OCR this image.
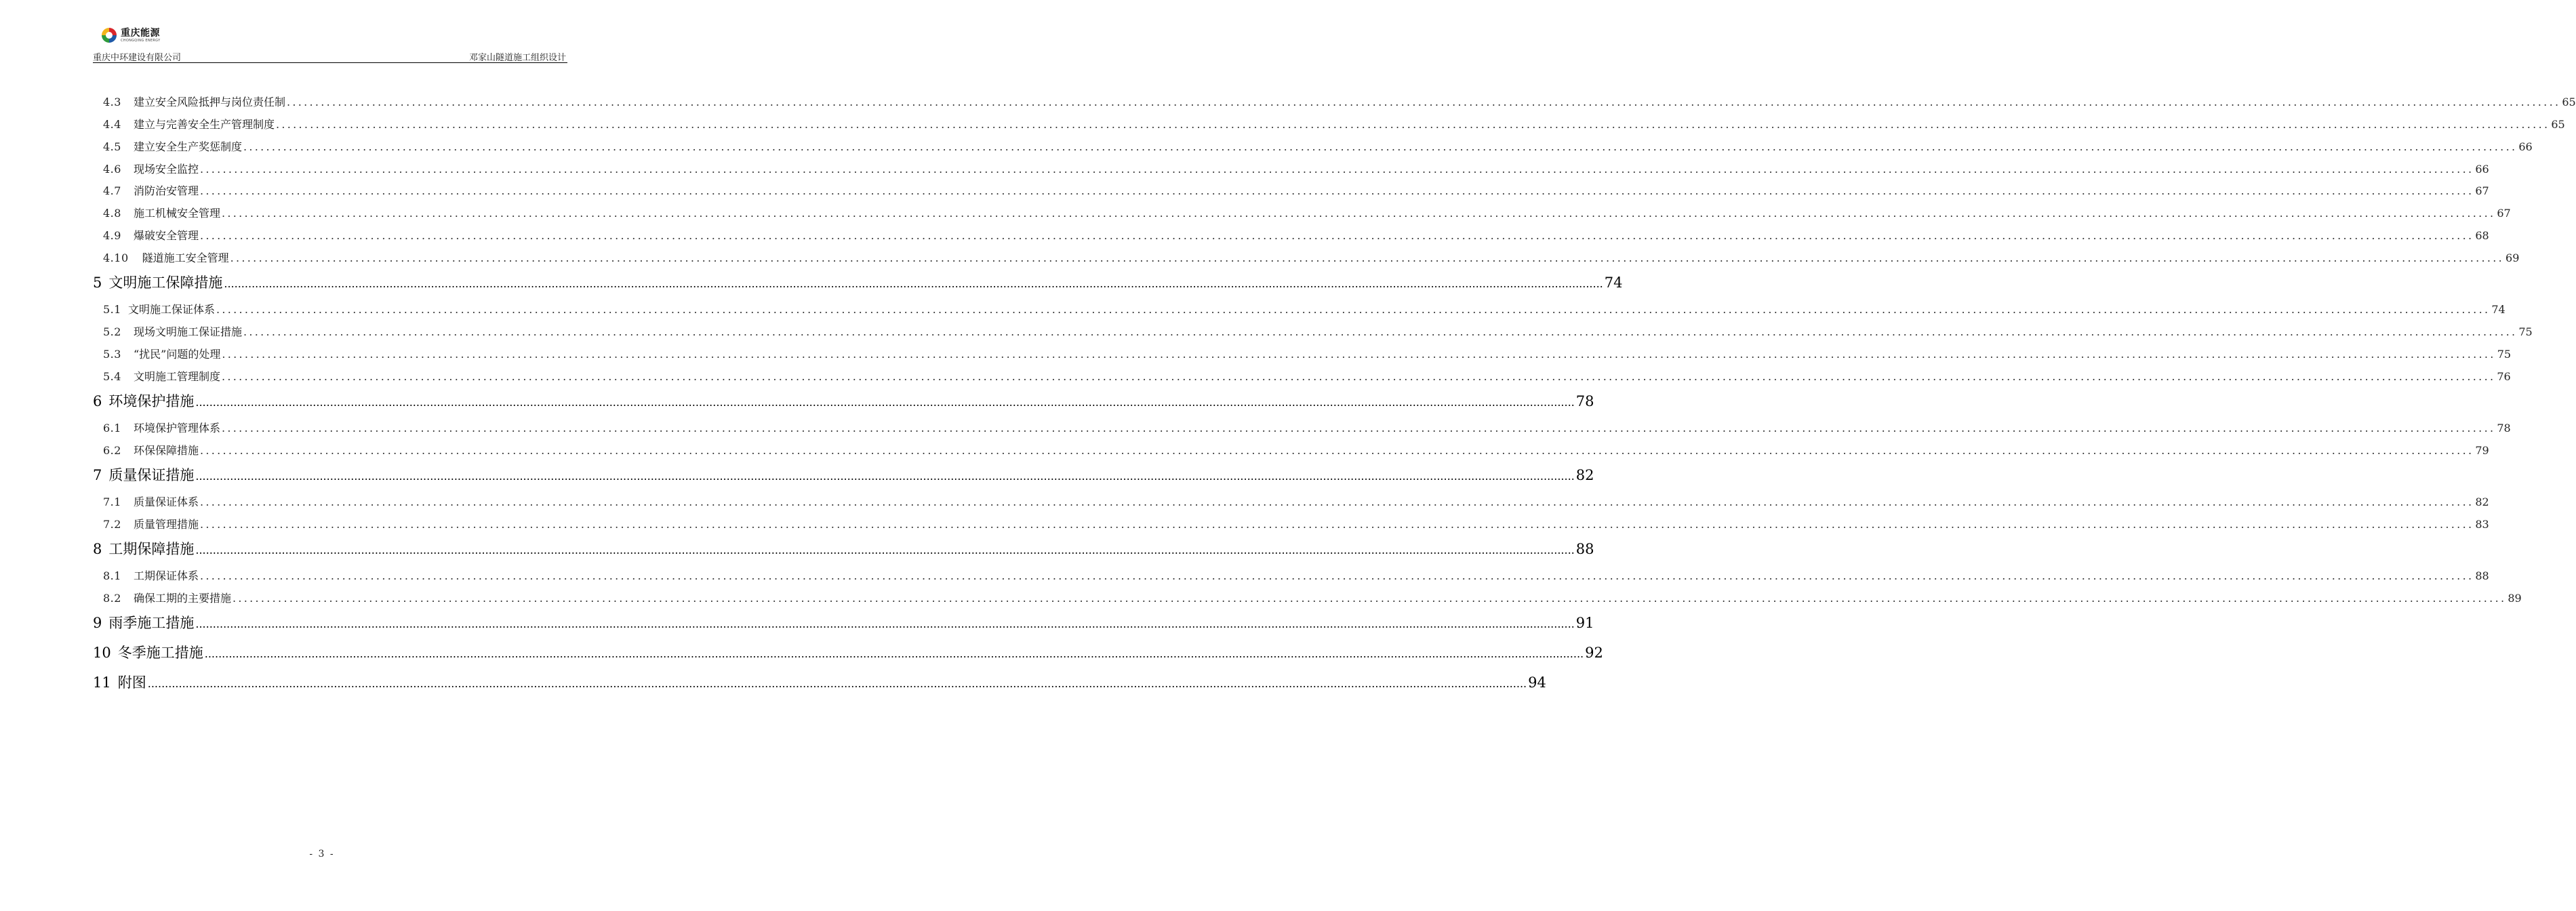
重庆能源
CHONGQING ENERGY
重庆中环建设有限公司	邓家山隧道施工组织设计
4.3 建立安全风险抵押与岗位责任制 ................................................................................................................................................................................................................................................................................................................................................................................................................ 65
4.4 建立与完善安全生产管理制度 ................................................................................................................................................................................................................................................................................................................................................................................................................ 65
4.5 建立安全生产奖惩制度 ................................................................................................................................................................................................................................................................................................................................................................................................................ 66
4.6 现场安全监控 ................................................................................................................................................................................................................................................................................................................................................................................................................ 66
4.7 消防治安管理 ................................................................................................................................................................................................................................................................................................................................................................................................................ 67
4.8 施工机械安全管理 ................................................................................................................................................................................................................................................................................................................................................................................................................ 67
4.9 爆破安全管理 ................................................................................................................................................................................................................................................................................................................................................................................................................ 68
4.10 隧道施工安全管理 ................................................................................................................................................................................................................................................................................................................................................................................................................ 69
5 文明施工保障措施 ................................................................................................................................................................................................................................................................................................................................................................................................................ 74
5.1 文明施工保证体系 ................................................................................................................................................................................................................................................................................................................................................................................................................ 74
5.2 现场文明施工保证措施 ................................................................................................................................................................................................................................................................................................................................................................................................................ 75
5.3 “扰民”问题的处理 ................................................................................................................................................................................................................................................................................................................................................................................................................ 75
5.4 文明施工管理制度 ................................................................................................................................................................................................................................................................................................................................................................................................................ 76
6 环境保护措施 ................................................................................................................................................................................................................................................................................................................................................................................................................ 78
6.1 环境保护管理体系 ................................................................................................................................................................................................................................................................................................................................................................................................................ 78
6.2 环保保障措施 ................................................................................................................................................................................................................................................................................................................................................................................................................ 79
7 质量保证措施 ................................................................................................................................................................................................................................................................................................................................................................................................................ 82
7.1 质量保证体系 ................................................................................................................................................................................................................................................................................................................................................................................................................ 82
7.2 质量管理措施 ................................................................................................................................................................................................................................................................................................................................................................................................................ 83
8 工期保障措施 ................................................................................................................................................................................................................................................................................................................................................................................................................ 88
8.1 工期保证体系 ................................................................................................................................................................................................................................................................................................................................................................................................................ 88
8.2 确保工期的主要措施 ................................................................................................................................................................................................................................................................................................................................................................................................................ 89
9 雨季施工措施 ................................................................................................................................................................................................................................................................................................................................................................................................................ 91
10 冬季施工措施 ................................................................................................................................................................................................................................................................................................................................................................................................................ 92
11 附图 ................................................................................................................................................................................................................................................................................................................................................................................................................ 94
- 3 -
